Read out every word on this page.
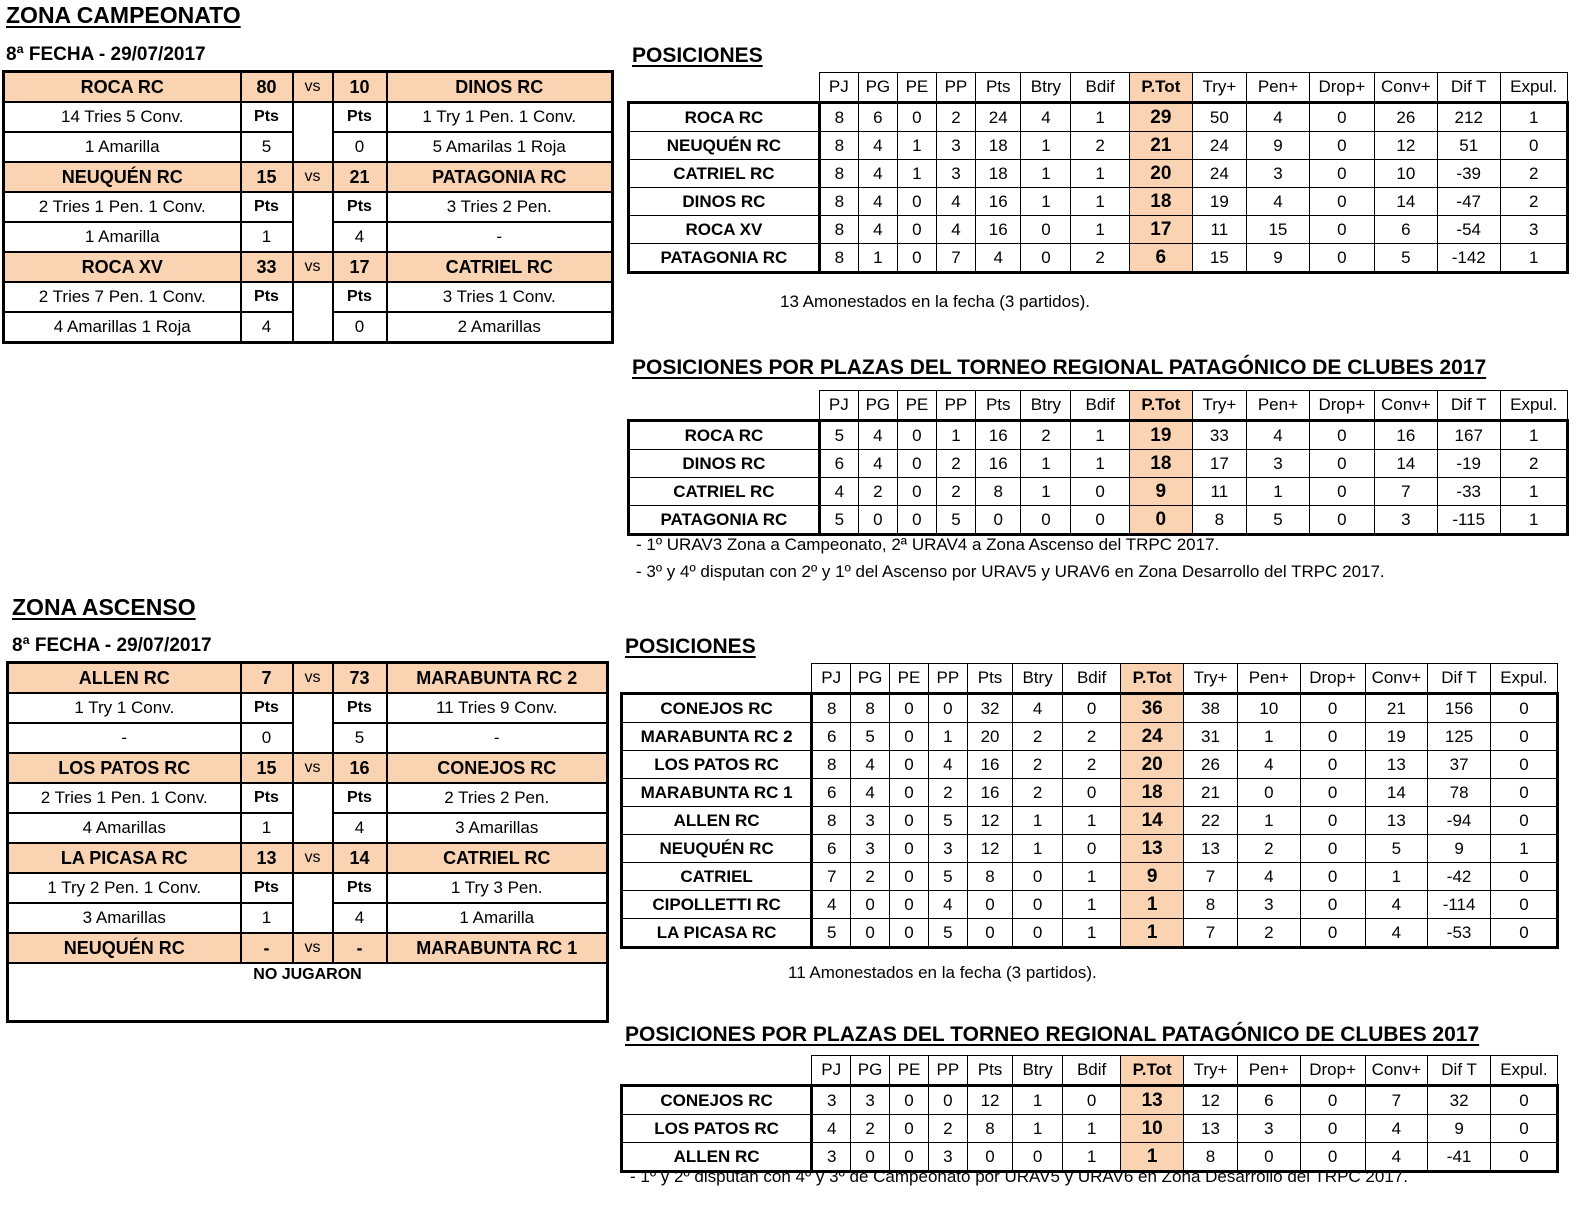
ZONA CAMPEONATO
8ª FECHA - 29/07/2017
ROCA RC	80	vs	10	DINOS RC
14 Tries 5 Conv.	Pts		Pts	1 Try 1 Pen. 1 Conv.
1 Amarilla	5		0	5 Amarilas 1 Roja
NEUQUÉN RC	15	vs	21	PATAGONIA RC
2 Tries 1 Pen. 1 Conv.	Pts		Pts	3 Tries 2 Pen.
1 Amarilla	1		4	-
ROCA XV	33	vs	17	CATRIEL RC
2 Tries 7 Pen. 1 Conv.	Pts		Pts	3 Tries 1 Conv.
4 Amarillas 1 Roja	4		0	2 Amarillas
POSICIONES
	PJ	PG	PE	PP	Pts	Btry	Bdif	P.Tot	Try+	Pen+	Drop+	Conv+	Dif T	Expul.	
ROCA RC	8	6	0	2	24	4	1	29	50	4	0	26	212	1	
NEUQUÉN RC	8	4	1	3	18	1	2	21	24	9	0	12	51	0	
CATRIEL RC	8	4	1	3	18	1	1	20	24	3	0	10	-39	2	
DINOS RC	8	4	0	4	16	1	1	18	19	4	0	14	-47	2	
ROCA XV	8	4	0	4	16	0	1	17	11	15	0	6	-54	3	
PATAGONIA RC	8	1	0	7	4	0	2	6	15	9	0	5	-142	1	
13 Amonestados en la fecha (3 partidos).
POSICIONES POR PLAZAS DEL TORNEO REGIONAL PATAGÓNICO DE CLUBES 2017
	PJ	PG	PE	PP	Pts	Btry	Bdif	P.Tot	Try+	Pen+	Drop+	Conv+	Dif T	Expul.	
ROCA RC	5	4	0	1	16	2	1	19	33	4	0	16	167	1	
DINOS RC	6	4	0	2	16	1	1	18	17	3	0	14	-19	2	
CATRIEL RC	4	2	0	2	8	1	0	9	11	1	0	7	-33	1	
PATAGONIA RC	5	0	0	5	0	0	0	0	8	5	0	3	-115	1	
- 1º URAV3 Zona a Campeonato, 2ª URAV4 a Zona Ascenso del TRPC 2017.
- 3º y 4º disputan con 2º y 1º del Ascenso por URAV5 y URAV6 en Zona Desarrollo del TRPC 2017.
ZONA ASCENSO
8ª FECHA - 29/07/2017
ALLEN RC	7	vs	73	MARABUNTA RC 2
1 Try 1 Conv.	Pts		Pts	11 Tries 9 Conv.
-	0		5	-
LOS PATOS RC	15	vs	16	CONEJOS RC
2 Tries 1 Pen. 1 Conv.	Pts		Pts	2 Tries 2 Pen.
4 Amarillas	1		4	3 Amarillas
LA PICASA RC	13	vs	14	CATRIEL RC
1 Try 2 Pen. 1 Conv.	Pts		Pts	1 Try 3 Pen.
3 Amarillas	1		4	1 Amarilla
NEUQUÉN RC	-	vs	-	MARABUNTA RC 1
NO JUGARON				
POSICIONES
	PJ	PG	PE	PP	Pts	Btry	Bdif	P.Tot	Try+	Pen+	Drop+	Conv+	Dif T	Expul.	
CONEJOS RC	8	8	0	0	32	4	0	36	38	10	0	21	156	0	
MARABUNTA RC 2	6	5	0	1	20	2	2	24	31	1	0	19	125	0	
LOS PATOS RC	8	4	0	4	16	2	2	20	26	4	0	13	37	0	
MARABUNTA RC 1	6	4	0	2	16	2	0	18	21	0	0	14	78	0	
ALLEN RC	8	3	0	5	12	1	1	14	22	1	0	13	-94	0	
NEUQUÉN RC	6	3	0	3	12	1	0	13	13	2	0	5	9	1	
CATRIEL	7	2	0	5	8	0	1	9	7	4	0	1	-42	0	
CIPOLLETTI RC	4	0	0	4	0	0	1	1	8	3	0	4	-114	0	
LA PICASA RC	5	0	0	5	0	0	1	1	7	2	0	4	-53	0	
11 Amonestados en la fecha (3 partidos).
POSICIONES POR PLAZAS DEL TORNEO REGIONAL PATAGÓNICO DE CLUBES 2017
	PJ	PG	PE	PP	Pts	Btry	Bdif	P.Tot	Try+	Pen+	Drop+	Conv+	Dif T	Expul.	
CONEJOS RC	3	3	0	0	12	1	0	13	12	6	0	7	32	0	
LOS PATOS RC	4	2	0	2	8	1	1	10	13	3	0	4	9	0	
ALLEN RC	3	0	0	3	0	0	1	1	8	0	0	4	-41	0	
- 1º y 2º disputan con 4º y 3º de Campeonato por URAV5 y URAV6 en Zona Desarrollo del TRPC 2017.
